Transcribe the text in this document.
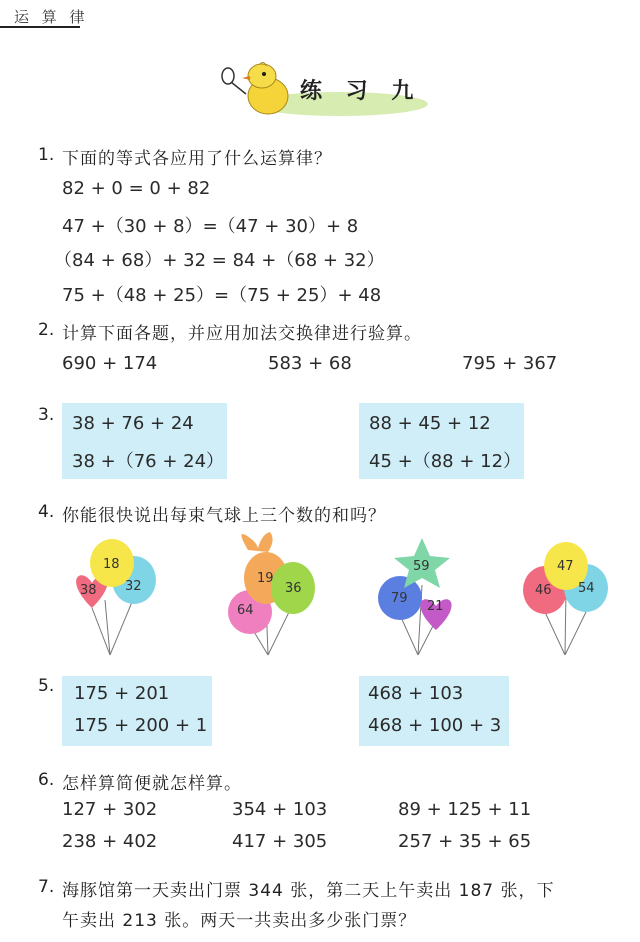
运 算 律
练 习 九
1. 下面的等式各应用了什么运算律？
82 + 0 = 0 + 82
47 +（30 + 8）=（47 + 30）+ 8
（84 + 68）+ 32 = 84 +（68 + 32）
75 +（48 + 25）=（75 + 25）+ 48
2. 计算下面各题，并应用加法交换律进行验算。
690 + 174	583 + 68	795 + 367
3. 38 + 76 + 24
38 +（76 + 24）
88 + 45 + 12
45 +（88 + 12）
4. 你能很快说出每束气球上三个数的和吗？
18
38 32
19
36
64
59
79
21
47
46 54
5. 175 + 201
175 + 200 + 1
468 + 103
468 + 100 + 3
6. 怎样算简便就怎样算。
127 + 302	354 + 103	89 + 125 + 11
238 + 402	417 + 305	257 + 35 + 65
7. 海豚馆第一天卖出门票 344 张，第二天上午卖出 187 张，下
午卖出 213 张。两天一共卖出多少张门票？
